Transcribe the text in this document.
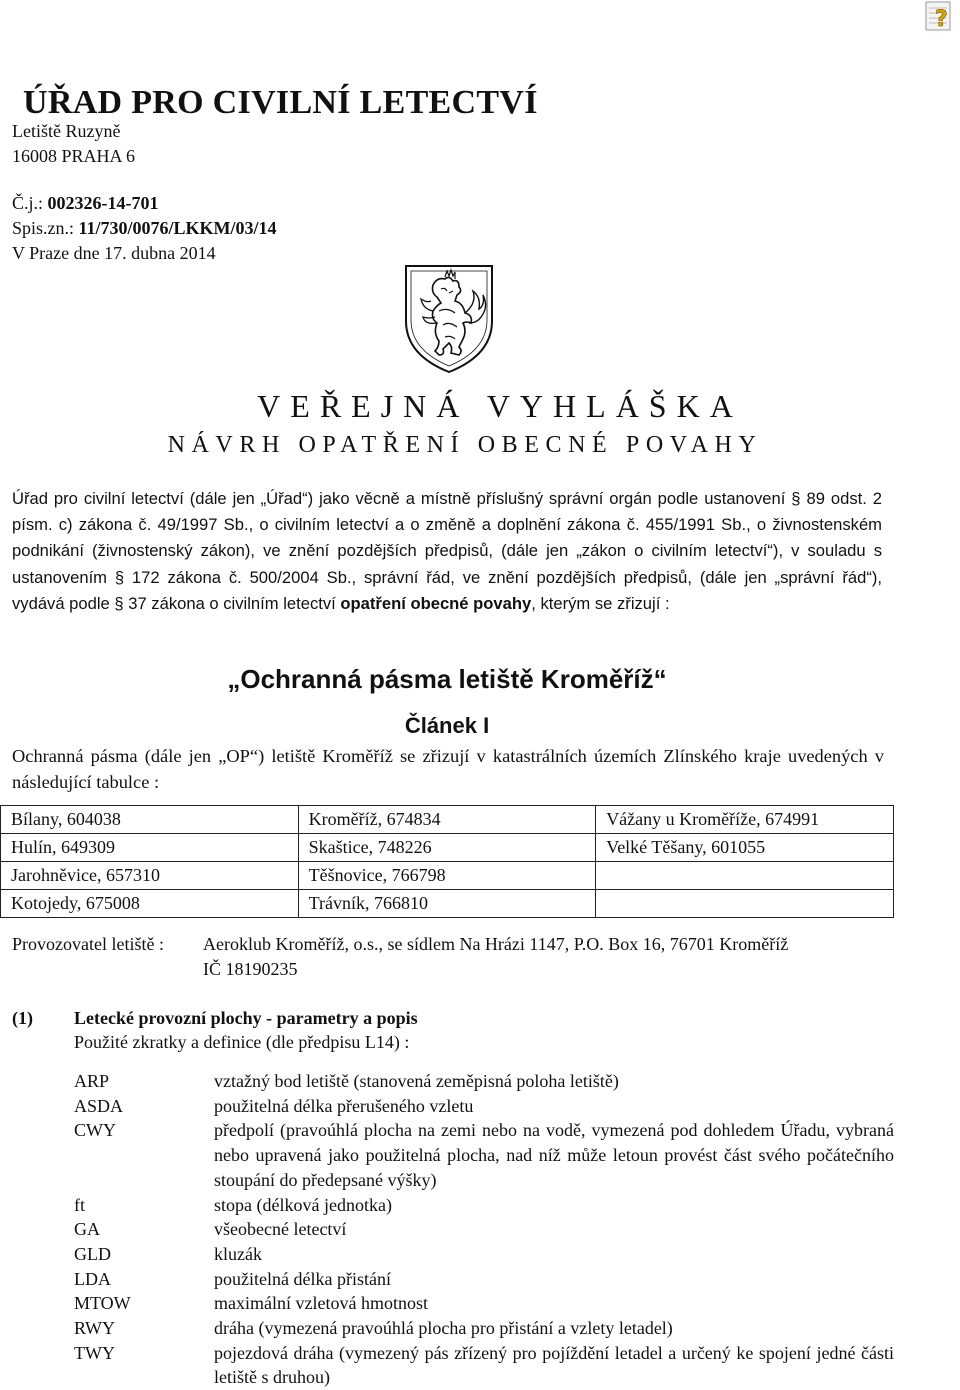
?
ÚŘAD PRO CIVILNÍ LETECTVÍ
Letiště Ruzyně
16008 PRAHA 6
Č.j.: 002326-14-701
Spis.zn.: 11/730/0076/LKKM/03/14
V Praze dne 17. dubna 2014
VEŘEJNÁ VYHLÁŠKA
NÁVRH OPATŘENÍ OBECNÉ POVAHY

Úřad pro civilní letectví (dále jen „Úřad“) jako věcně a místně příslušný správní orgán podle ustanovení § 89 odst. 2 písm. c) zákona č. 49/1997 Sb., o civilním letectví a o změně a doplnění zákona č. 455/1991 Sb., o živnostenském podnikání (živnostenský zákon), ve znění pozdějších předpisů, (dále jen „zákon o civilním letectví“), v souladu s ustanovením § 172 zákona č. 500/2004 Sb., správní řád, ve znění pozdějších předpisů, (dále jen „správní řád“), vydává podle § 37 zákona o civilním letectví opatření obecné povahy, kterým se zřizují :

„Ochranná pásma letiště Kroměříž“
Článek I

Ochranná pásma (dále jen „OP“) letiště Kroměříž se zřizují v katastrálních územích Zlínského kraje uvedených v následující tabulce :

Bílany, 604038	Kroměříž, 674834	Vážany u Kroměříže, 674991
Hulín, 649309	Skaštice, 748226	Velké Těšany, 601055
Jarohněvice, 657310	Těšnovice, 766798	
Kotojedy, 675008	Trávník, 766810	
Provozovatel letiště : Aeroklub Kroměříž, o.s., se sídlem Na Hrázi 1147, P.O. Box 16, 76701 Kroměříž
IČ 18190235
(1) Letecké provozní plochy - parametry a popis
Použité zkratky a definice (dle předpisu L14) :
ARP	vztažný bod letiště (stanovená zeměpisná poloha letiště)
ASDA	použitelná délka přerušeného vzletu
CWY	předpolí (pravoúhlá plocha na zemi nebo na vodě, vymezená pod dohledem Úřadu, vybraná nebo upravená jako použitelná plocha, nad níž může letoun provést část svého počátečního stoupání do předepsané výšky)
ft	stopa (délková jednotka)
GA	všeobecné letectví
GLD	kluzák
LDA	použitelná délka přistání
MTOW	maximální vzletová hmotnost
RWY	dráha (vymezená pravoúhlá plocha pro přistání a vzlety letadel)
TWY	pojezdová dráha (vymezený pás zřízený pro pojíždění letadel a určený ke spojení jedné části letiště s druhou)
